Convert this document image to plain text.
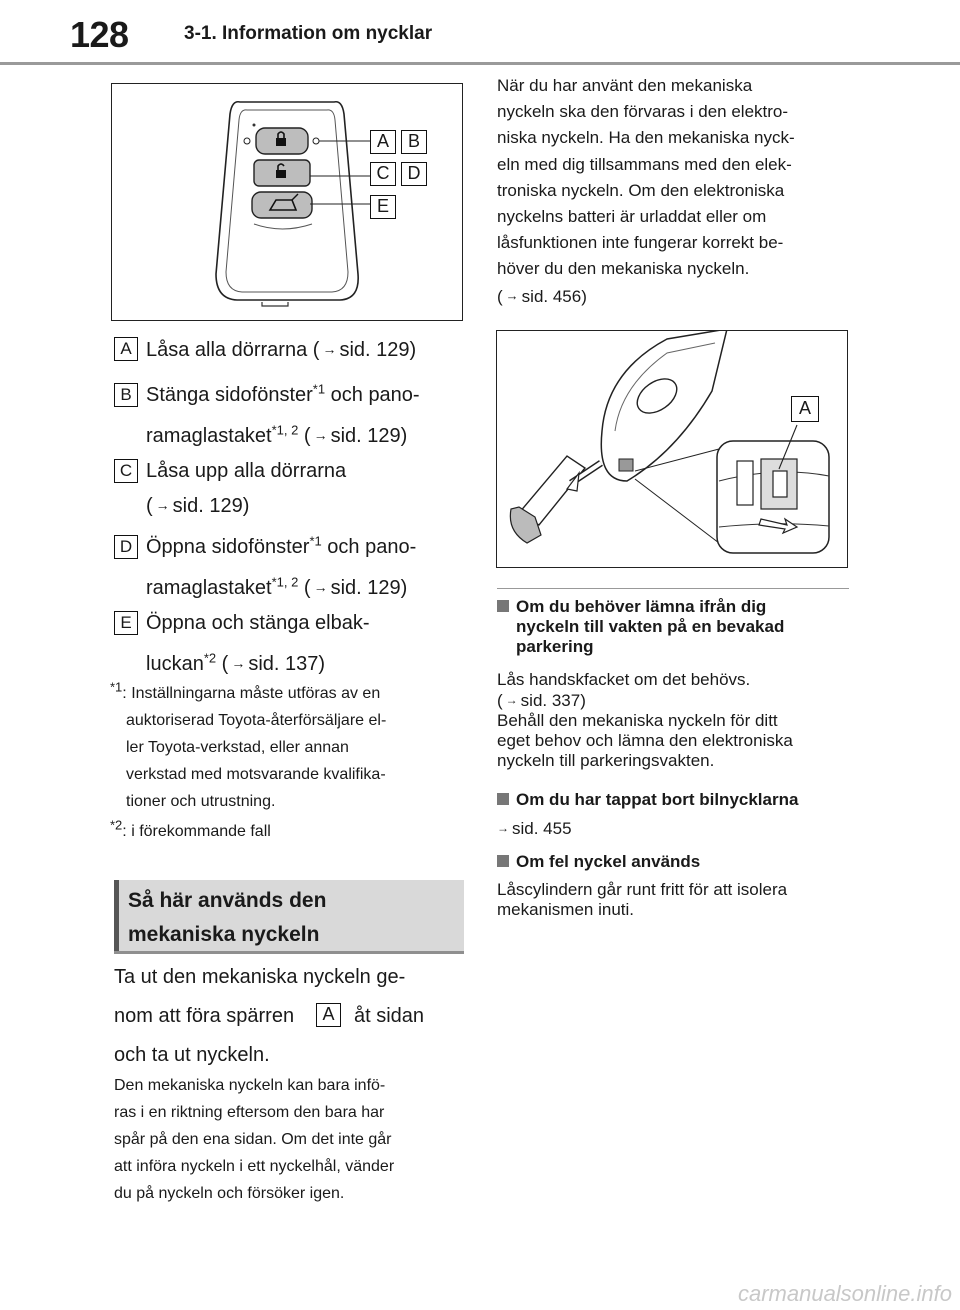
128	3-1. Information om nycklar
A	B
C	D
E
A Låsa alla dörrarna ( → sid. 129)
B Stänga sidofönster$^{*1}$ och pano-
ramaglastaket$^{*1, 2}$ ( → sid. 129)
C Låsa upp alla dörrarna
( → sid. 129)
D Öppna sidofönster$^{*1}$ och pano-
ramaglastaket$^{*1, 2}$ ( → sid. 129)
E Öppna och stänga elbak-
luckan$^{*2}$ ( → sid. 137)
$^{*1}$: Inställningarna måste utföras av en
auktoriserad Toyota-återförsäljare el-
ler Toyota-verkstad, eller annan
verkstad med motsvarande kvalifika-
tioner och utrustning.
$^{*2}$: i förekommande fall
Så här används den
mekaniska nyckeln
Ta ut den mekaniska nyckeln ge-
nom att föra spärren	A åt sidan
och ta ut nyckeln.
Den mekaniska nyckeln kan bara infö-
ras i en riktning eftersom den bara har
spår på den ena sidan. Om det inte går
att införa nyckeln i ett nyckelhål, vänder
du på nyckeln och försöker igen.
När du har använt den mekaniska
nyckeln ska den förvaras i den elektro-
niska nyckeln. Ha den mekaniska nyck-
eln med dig tillsammans med den elek-
troniska nyckeln. Om den elektroniska
nyckelns batteri är urladdat eller om
låsfunktionen inte fungerar korrekt be-
höver du den mekaniska nyckeln.
( → sid. 456)
A
Om du behöver lämna ifrån dig
nyckeln till vakten på en bevakad
parkering
Lås handskfacket om det behövs.
( → sid. 337)
Behåll den mekaniska nyckeln för ditt
eget behov och lämna den elektroniska
nyckeln till parkeringsvakten.
Om du har tappat bort bilnycklarna
→ sid. 455
Om fel nyckel används
Låscylindern går runt fritt för att isolera
mekanismen inuti.
carmanualsonline.info
